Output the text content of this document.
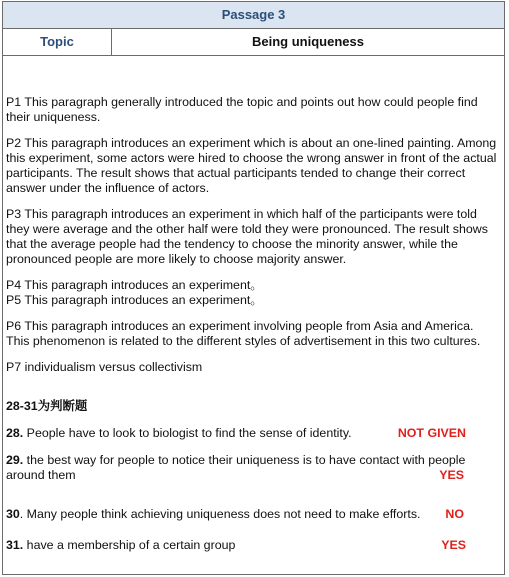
Passage 3
Topic	Being uniqueness

P1 This paragraph generally introduced the topic and points out how could people find their uniqueness.

P2 This paragraph introduces an experiment which is about an one-lined painting. Among this experiment, some actors were hired to choose the wrong answer in front of the actual participants. The result shows that actual participants tended to change their correct answer under the influence of actors.

P3 This paragraph introduces an experiment in which half of the participants were told they were average and the other half were told they were pronounced. The result shows that the average people had the tendency to choose the minority answer, while the pronounced people are more likely to choose majority answer.

P4 This paragraph introduces an experiment。

P5 This paragraph introduces an experiment。

P6 This paragraph introduces an experiment involving people from Asia and America. This phenomenon is related to the different styles of advertisement in this two cultures.

P7 individualism versus collectivism

28-31为判断题
28. People have to look to biologist to find the sense of identity.	NOT GIVEN
29. the best way for people to notice their uniqueness is to have contact with people around them	YES
30. Many people think achieving uniqueness does not need to make efforts. NO
31. have a membership of a certain group	YES
